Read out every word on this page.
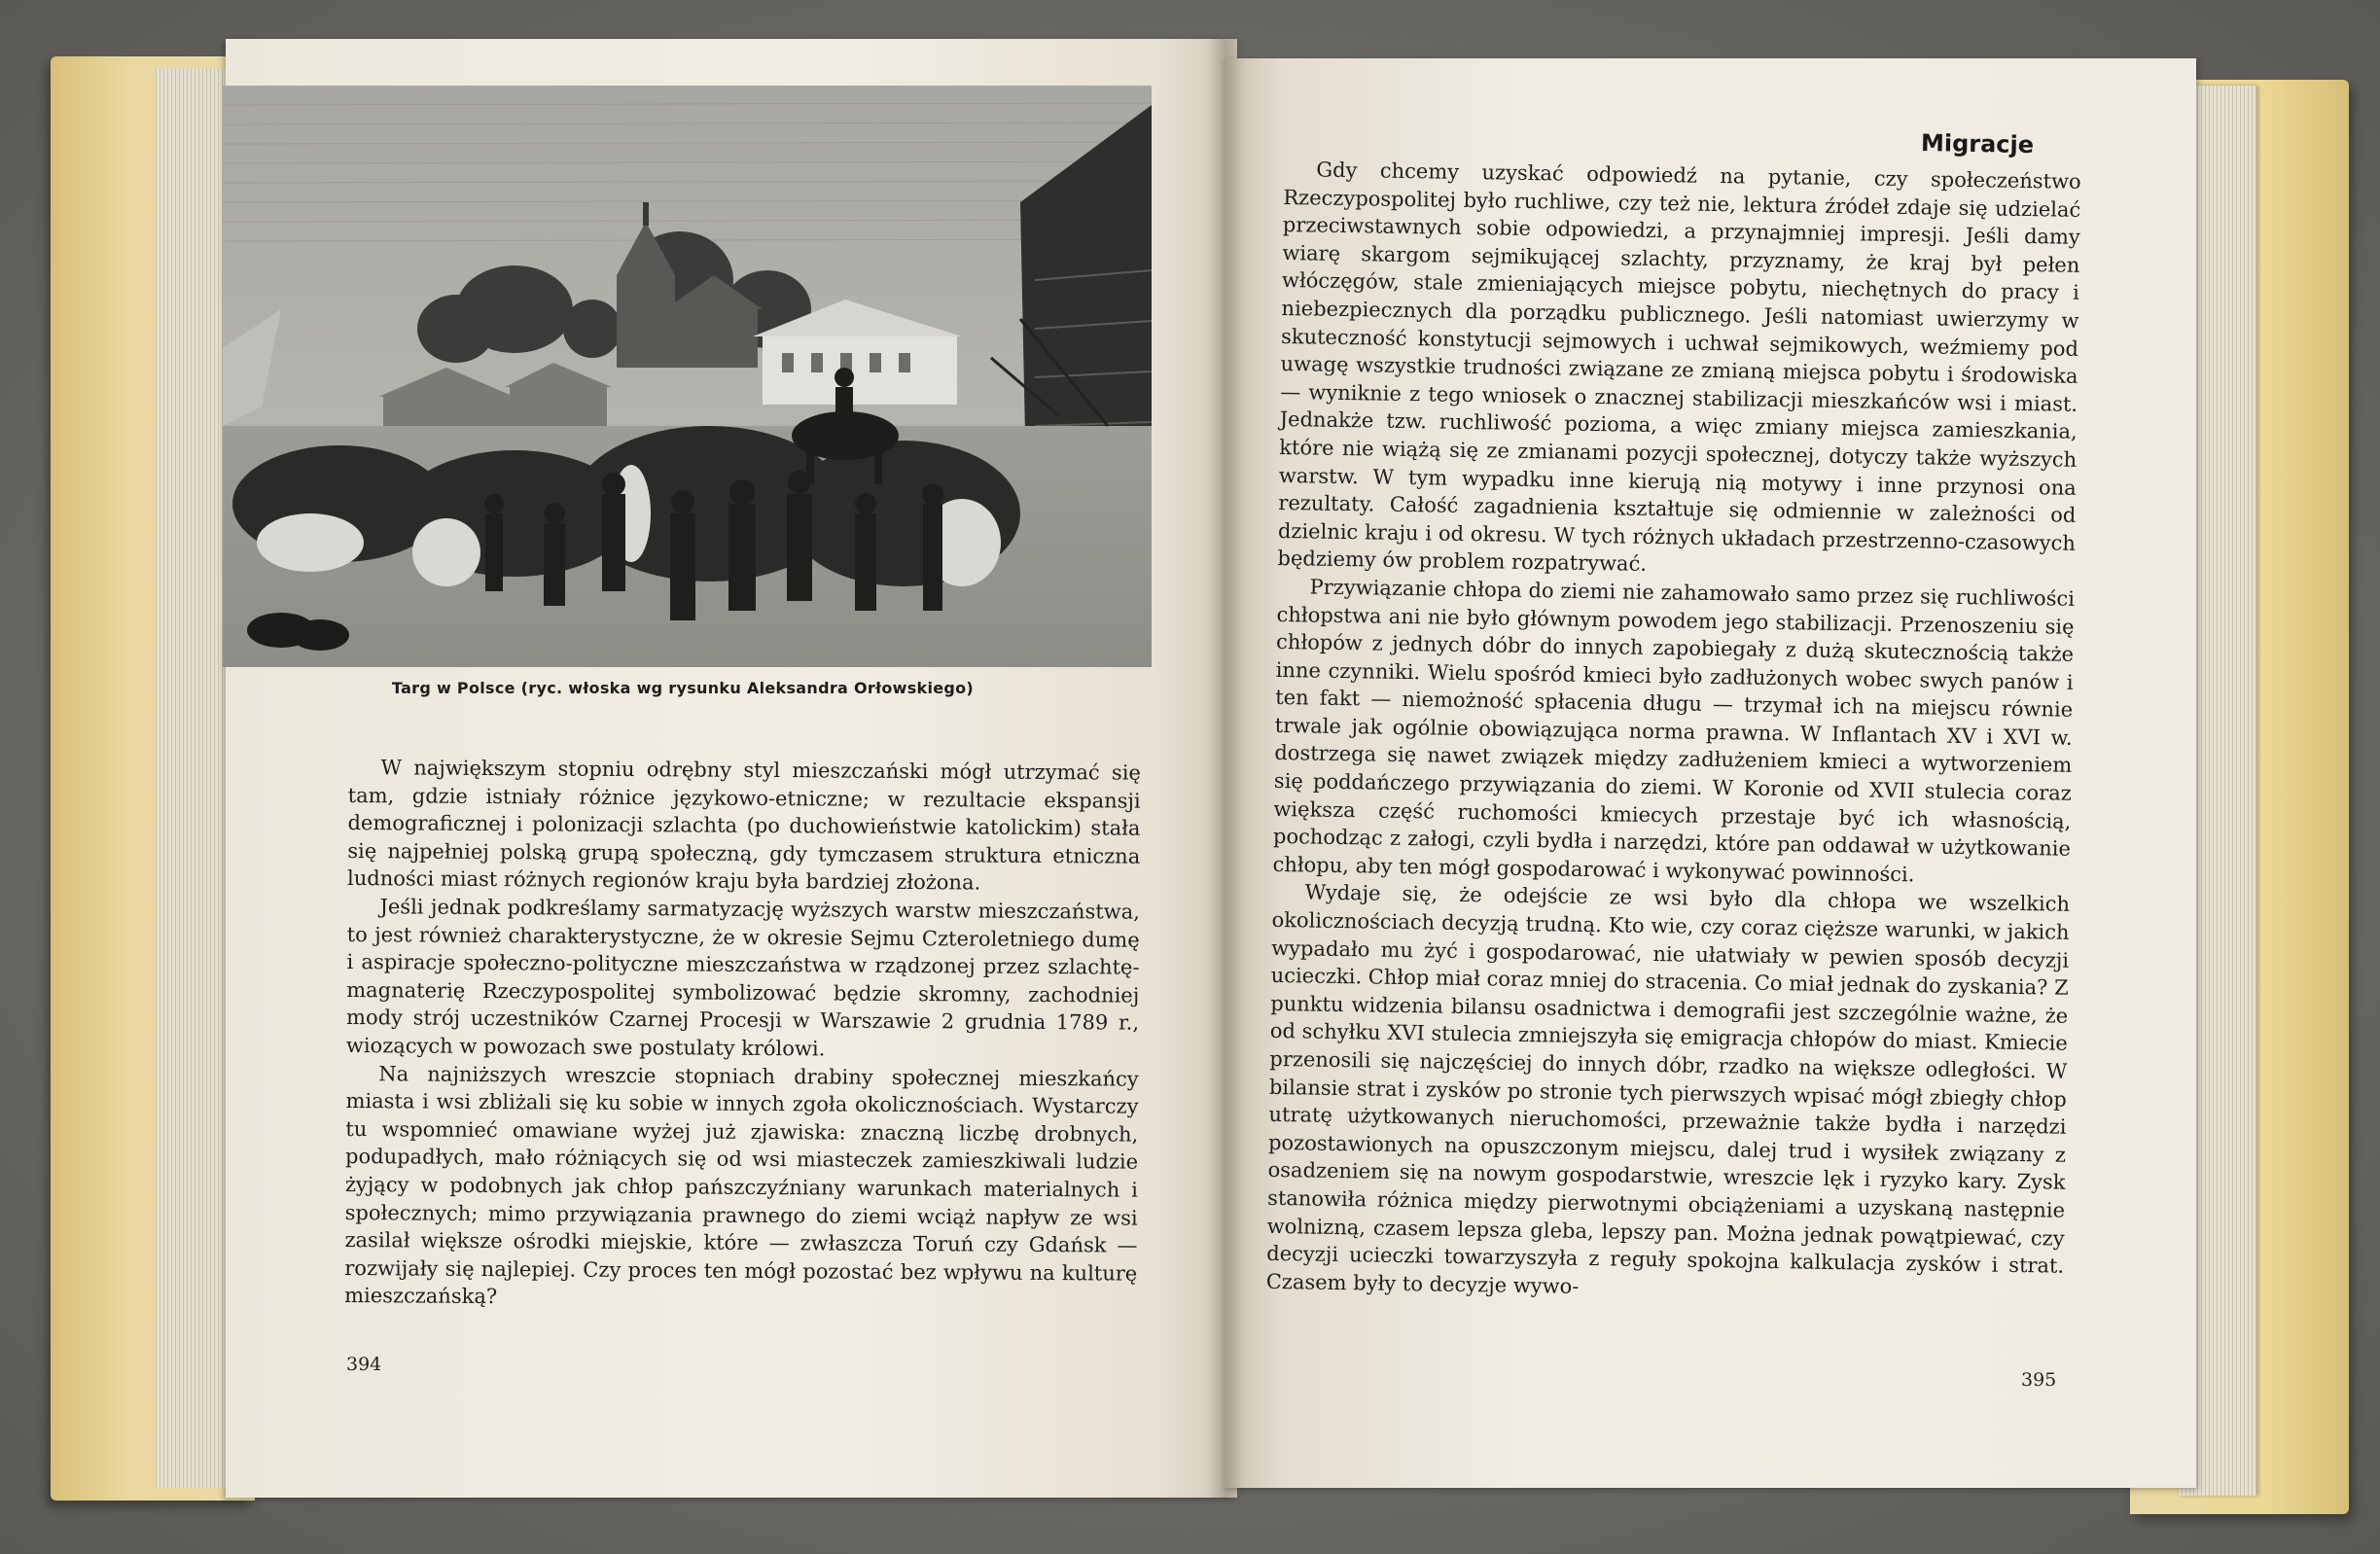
Targ w Polsce (ryc. włoska wg rysunku Aleksandra Orłowskiego)

W największym stopniu odrębny styl mieszczański mógł utrzymać się tam, gdzie istniały różnice językowo-etniczne; w rezultacie ekspansji demograficznej i polonizacji szlachta (po duchowieństwie katolickim) stała się najpełniej polską grupą społeczną, gdy tymczasem struktura etniczna ludności miast różnych regionów kraju była bardziej złożona.

Jeśli jednak podkreślamy sarmatyzację wyższych warstw mieszczaństwa, to jest również charakterystyczne, że w okresie Sejmu Czteroletniego dumę i aspiracje społeczno-polityczne mieszczaństwa w rządzonej przez szlachtę-magnaterię Rzeczypospolitej symbolizować będzie skromny, zachodniej mody strój uczestników Czarnej Procesji w Warszawie 2 grudnia 1789 r., wiozących w powozach swe postulaty królowi.

Na najniższych wreszcie stopniach drabiny społecznej mieszkańcy miasta i wsi zbliżali się ku sobie w innych zgoła okolicznościach. Wystarczy tu wspomnieć omawiane wyżej już zjawiska: znaczną liczbę drobnych, podupadłych, mało różniących się od wsi miasteczek zamieszkiwali ludzie żyjący w podobnych jak chłop pańszczyźniany warunkach materialnych i społecznych; mimo przywiązania prawnego do ziemi wciąż napływ ze wsi zasilał większe ośrodki miejskie, które — zwłaszcza Toruń czy Gdańsk — rozwijały się najlepiej. Czy proces ten mógł pozostać bez wpływu na kulturę mieszczańską?

394
Migracje

Gdy chcemy uzyskać odpowiedź na pytanie, czy społeczeństwo Rzeczypospolitej było ruchliwe, czy też nie, lektura źródeł zdaje się udzielać przeciwstawnych sobie odpowiedzi, a przynajmniej impresji. Jeśli damy wiarę skargom sejmikującej szlachty, przyznamy, że kraj był pełen włóczęgów, stale zmieniających miejsce pobytu, niechętnych do pracy i niebezpiecznych dla porządku publicznego. Jeśli natomiast uwierzymy w skuteczność konstytucji sejmowych i uchwał sejmikowych, weźmiemy pod uwagę wszystkie trudności związane ze zmianą miejsca pobytu i środowiska — wyniknie z tego wniosek o znacznej stabilizacji mieszkańców wsi i miast. Jednakże tzw. ruchliwość pozioma, a więc zmiany miejsca zamieszkania, które nie wiążą się ze zmianami pozycji społecznej, dotyczy także wyższych warstw. W tym wypadku inne kierują nią motywy i inne przynosi ona rezultaty. Całość zagadnienia kształtuje się odmiennie w zależności od dzielnic kraju i od okresu. W tych różnych układach przestrzenno-czasowych będziemy ów problem rozpatrywać.

Przywiązanie chłopa do ziemi nie zahamowało samo przez się ruchliwości chłopstwa ani nie było głównym powodem jego stabilizacji. Przenoszeniu się chłopów z jednych dóbr do innych zapobiegały z dużą skutecznością także inne czynniki. Wielu spośród kmieci było zadłużonych wobec swych panów i ten fakt — niemożność spłacenia długu — trzymał ich na miejscu równie trwale jak ogólnie obowiązująca norma prawna. W Inflantach XV i XVI w. dostrzega się nawet związek między zadłużeniem kmieci a wytworzeniem się poddańczego przywiązania do ziemi. W Koronie od XVII stulecia coraz większa część ruchomości kmiecych przestaje być ich własnością, pochodząc z załogi, czyli bydła i narzędzi, które pan oddawał w użytkowanie chłopu, aby ten mógł gospodarować i wykonywać powinności.

Wydaje się, że odejście ze wsi było dla chłopa we wszelkich okolicznościach decyzją trudną. Kto wie, czy coraz cięższe warunki, w jakich wypadało mu żyć i gospodarować, nie ułatwiały w pewien sposób decyzji ucieczki. Chłop miał coraz mniej do stracenia. Co miał jednak do zyskania? Z punktu widzenia bilansu osadnictwa i demografii jest szczególnie ważne, że od schyłku XVI stulecia zmniejszyła się emigracja chłopów do miast. Kmiecie przenosili się najczęściej do innych dóbr, rzadko na większe odległości. W bilansie strat i zysków po stronie tych pierwszych wpisać mógł zbiegły chłop utratę użytkowanych nieruchomości, przeważnie także bydła i narzędzi pozostawionych na opuszczonym miejscu, dalej trud i wysiłek związany z osadzeniem się na nowym gospodarstwie, wreszcie lęk i ryzyko kary. Zysk stanowiła różnica między pierwotnymi obciążeniami a uzyskaną następnie wolnizną, czasem lepsza gleba, lepszy pan. Można jednak powątpiewać, czy decyzji ucieczki towarzyszyła z reguły spokojna kalkulacja zysków i strat. Czasem były to decyzje wywo-

395
